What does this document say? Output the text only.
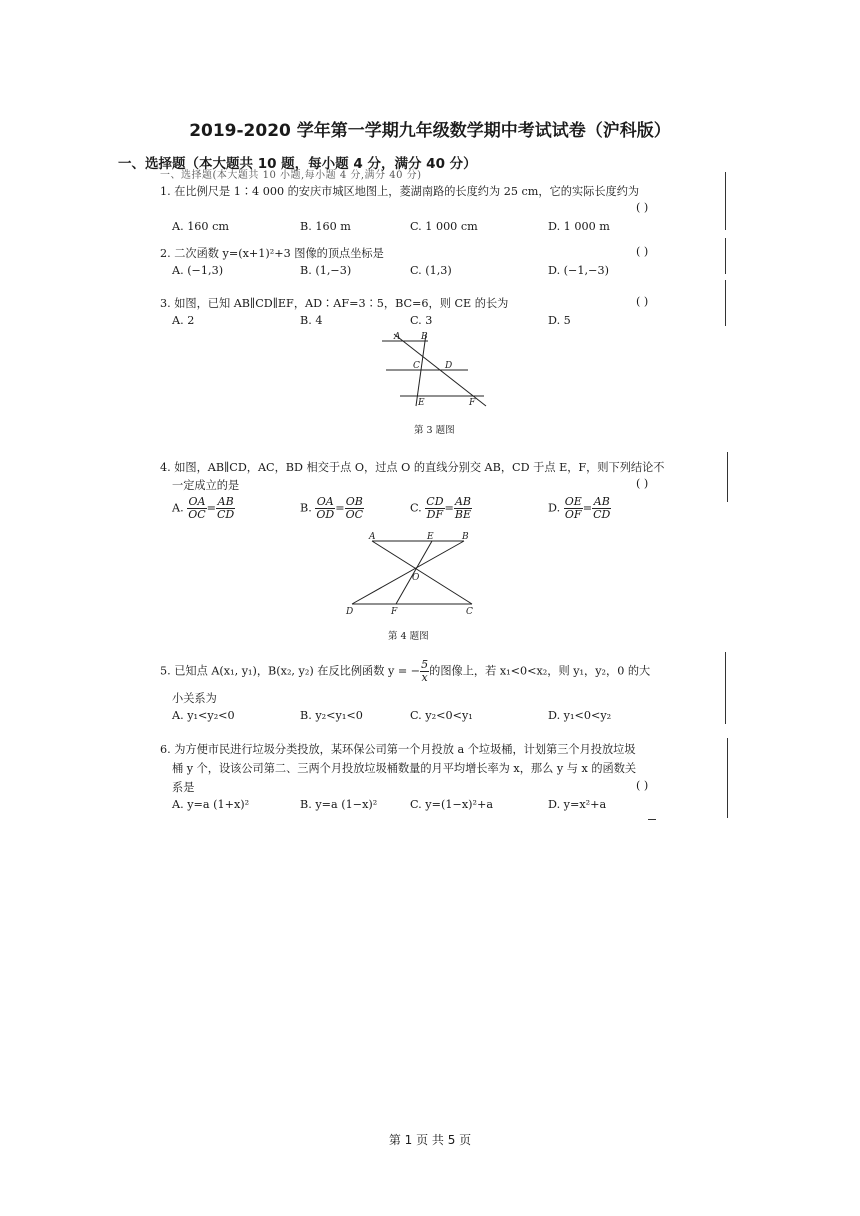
2019-2020 学年第一学期九年级数学期中考试试卷（沪科版）
一、选择题（本大题共 10 题，每小题 4 分，满分 40 分）
一、选择题(本大题共 10 小题,每小题 4 分,满分 40 分)
1. 在比例尺是 1∶4 000 的安庆市城区地图上，菱湖南路的长度约为 25 cm，它的实际长度约为
( )
A. 160 cm	B. 160 m	C. 1 000 cm	D. 1 000 m
2. 二次函数 y=(x+1)²+3 图像的顶点坐标是	( )
A. (−1,3)	B. (1,−3)	C. (1,3)	D. (−1,−3)
3. 如图，已知 AB∥CD∥EF，AD∶AF=3∶5，BC=6，则 CE 的长为	( )
A. 2	B. 4	C. 3	D. 5
A B
C	D
E	F
第 3 题图
4. 如图，AB∥CD，AC，BD 相交于点 O，过点 O 的直线分别交 AB，CD 于点 E，F，则下列结论不
一定成立的是	( )
A. $\frac{OA}{OC} = \frac{AB}{CD}$	B. $\frac{OA}{OD} = \frac{OB}{OC}$	C. $\frac{CD}{DF} = \frac{AB}{BE}$	D. $\frac{OE}{OF} = \frac{AB}{CD}$
A	E	B
O
D	F	C
第 4 题图
5. 已知点 A(x₁, y₁)，B(x₂, y₂) 在反比例函数 y = − $\frac{5}{x}$ 的图像上，若 x₁<0<x₂，则 y₁，y₂，0 的大
小关系为
A. y₁<y₂<0	B. y₂<y₁<0	C. y₂<0<y₁	D. y₁<0<y₂
6. 为方便市民进行垃圾分类投放，某环保公司第一个月投放 a 个垃圾桶，计划第三个月投放垃圾
桶 y 个，设该公司第二、三两个月投放垃圾桶数量的月平均增长率为 x，那么 y 与 x 的函数关
系是	( )
A. y=a (1+x)²	B. y=a (1−x)²	C. y=(1−x)²+a	D. y=x²+a
第 1 页 共 5 页
